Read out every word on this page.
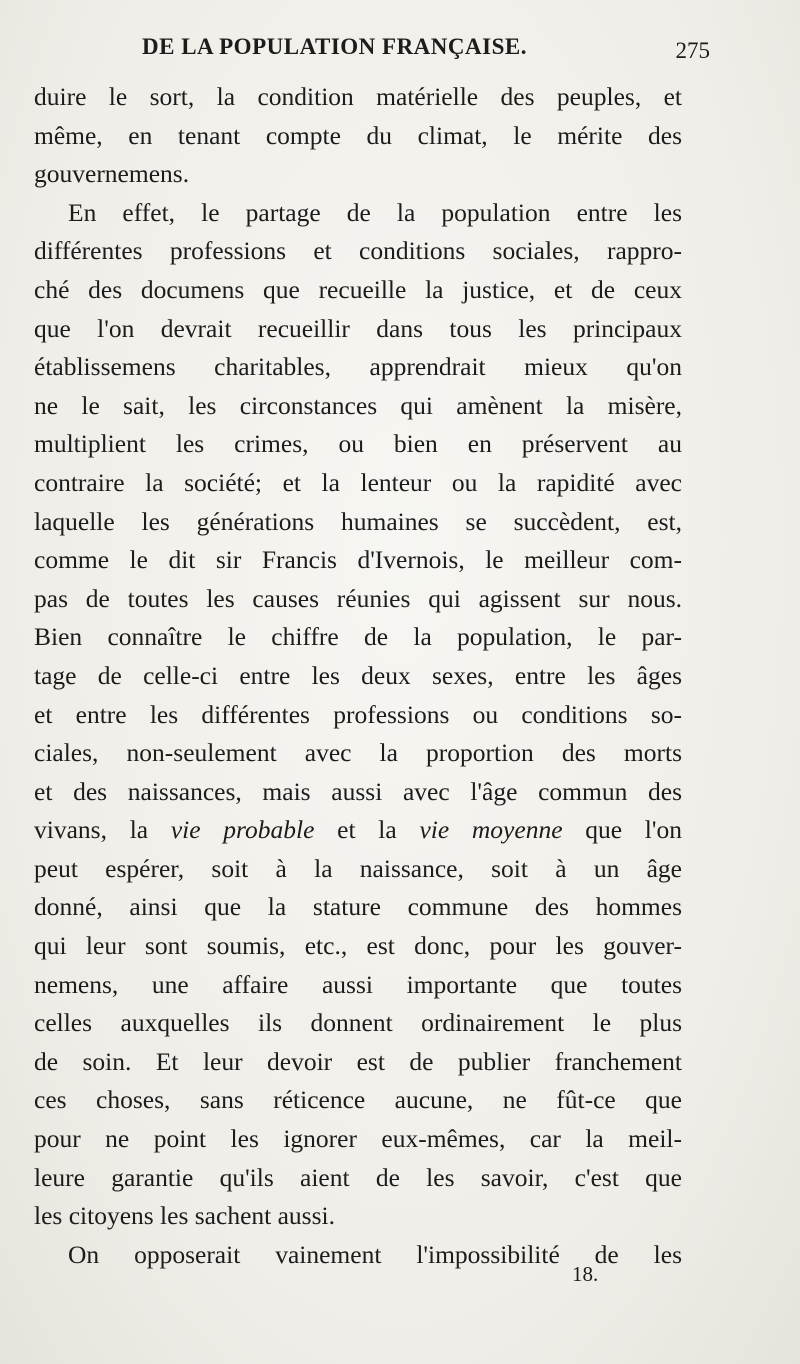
DE LA POPULATION FRANÇAISE.	275
duire le sort, la condition matérielle des peuples, et
même, en tenant compte du climat, le mérite des
gouvernemens.
En effet, le partage de la population entre les
différentes professions et conditions sociales, rappro-
ché des documens que recueille la justice, et de ceux
que l'on devrait recueillir dans tous les principaux
établissemens charitables, apprendrait mieux qu'on
ne le sait, les circonstances qui amènent la misère,
multiplient les crimes, ou bien en préservent au
contraire la société; et la lenteur ou la rapidité avec
laquelle les générations humaines se succèdent, est,
comme le dit sir Francis d'Ivernois, le meilleur com-
pas de toutes les causes réunies qui agissent sur nous.
Bien connaître le chiffre de la population, le par-
tage de celle-ci entre les deux sexes, entre les âges
et entre les différentes professions ou conditions so-
ciales, non-seulement avec la proportion des morts
et des naissances, mais aussi avec l'âge commun des
vivans, la vie probable et la vie moyenne que l'on
peut espérer, soit à la naissance, soit à un âge
donné, ainsi que la stature commune des hommes
qui leur sont soumis, etc., est donc, pour les gouver-
nemens, une affaire aussi importante que toutes
celles auxquelles ils donnent ordinairement le plus
de soin. Et leur devoir est de publier franchement
ces choses, sans réticence aucune, ne fût-ce que
pour ne point les ignorer eux-mêmes, car la meil-
leure garantie qu'ils aient de les savoir, c'est que
les citoyens les sachent aussi.
On opposerait vainement l'impossibilité de les
18.
